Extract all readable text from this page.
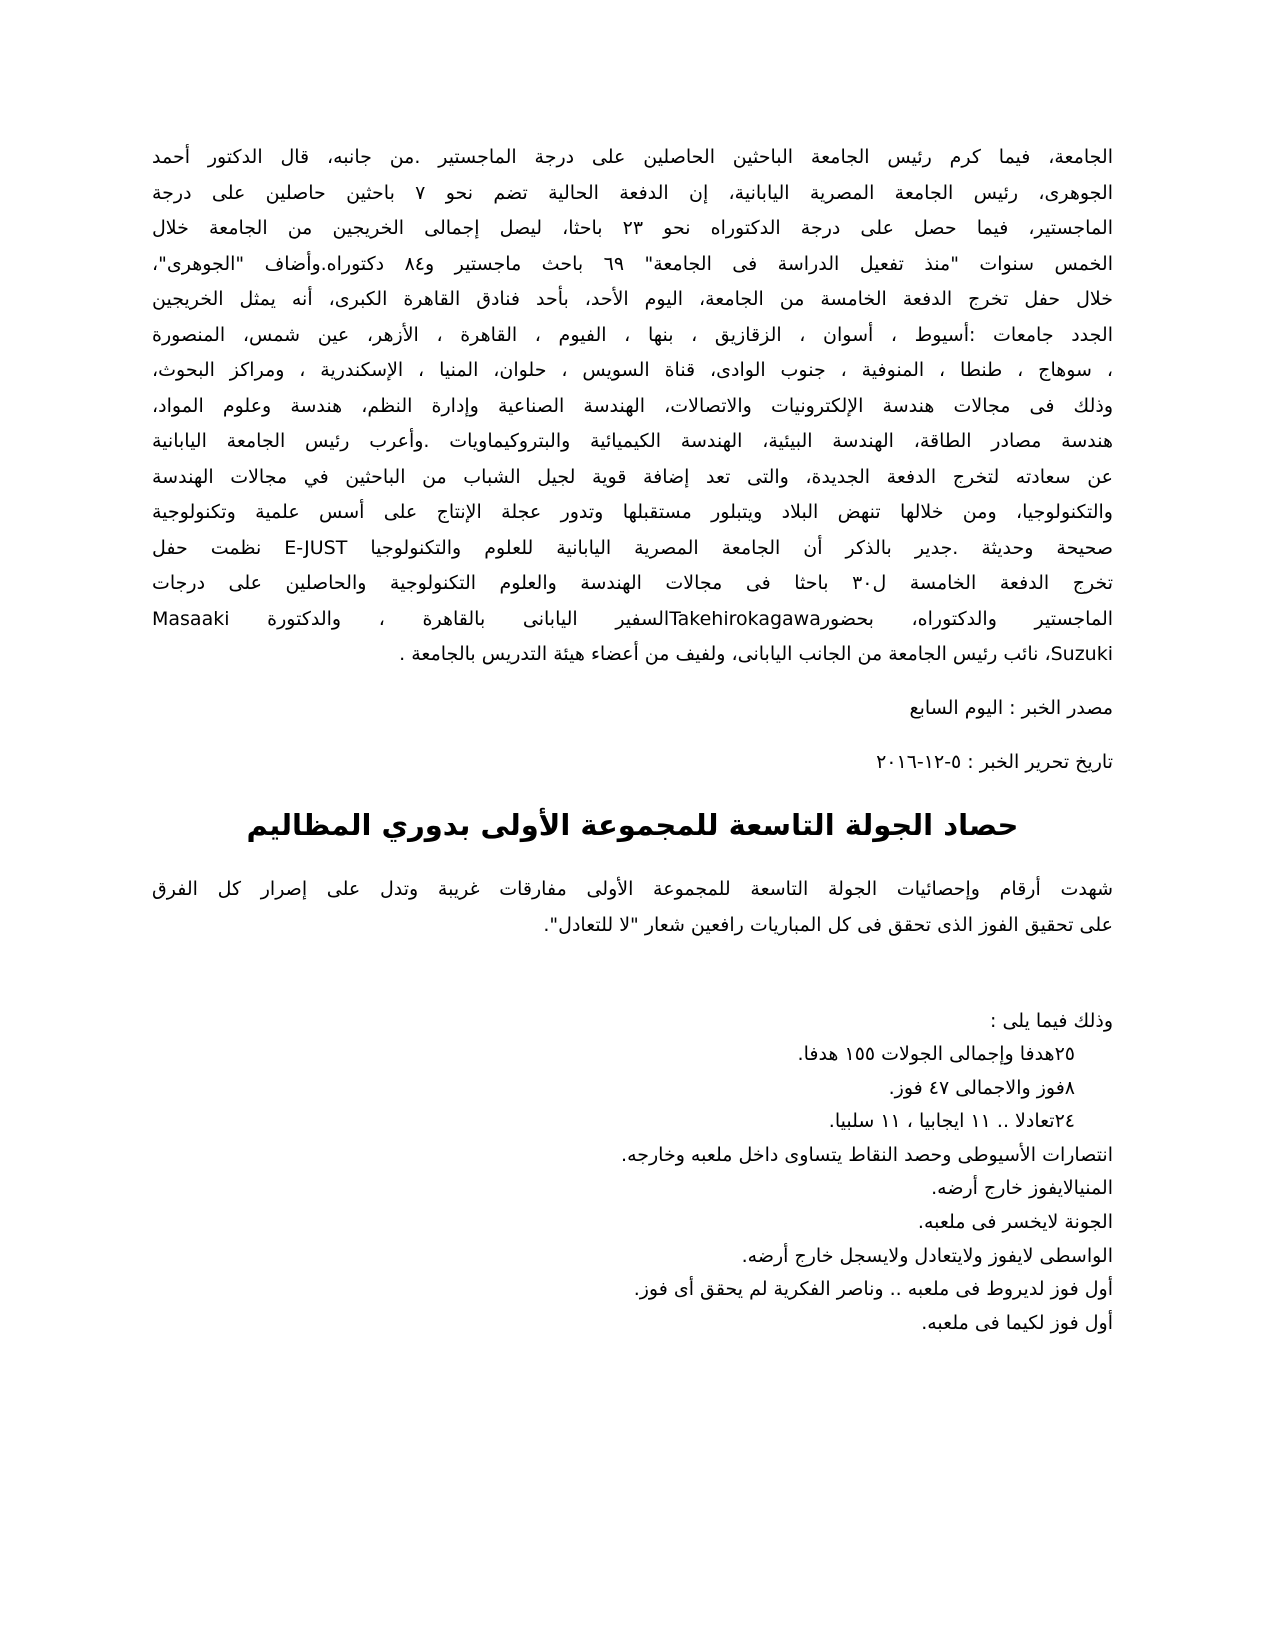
الجامعة، فيما كرم رئيس الجامعة الباحثين الحاصلين على درجة الماجستير .من جانبه، قال الدكتور أحمد
الجوهرى، رئيس الجامعة المصرية اليابانية، إن الدفعة الحالية تضم نحو ٧ باحثين حاصلين على درجة
الماجستير، فيما حصل على درجة الدكتوراه نحو ٢٣ باحثا، ليصل إجمالى الخريجين من الجامعة خلال
الخمس سنوات "منذ تفعيل الدراسة فى الجامعة" ٦٩ باحث ماجستير و٨٤ دكتوراه.وأضاف "الجوهرى"،
خلال حفل تخرج الدفعة الخامسة من الجامعة، اليوم الأحد، بأحد فنادق القاهرة الكبرى، أنه يمثل الخريجين
الجدد جامعات :أسيوط ، أسوان ، الزقازيق ، بنها ، الفيوم ، القاهرة ، الأزهر، عين شمس، المنصورة
، سوهاج ، طنطا ، المنوفية ، جنوب الوادى، قناة السويس ، حلوان، المنيا ، الإسكندرية ، ومراكز البحوث،
وذلك فى مجالات هندسة الإلكترونيات والاتصالات، الهندسة الصناعية وإدارة النظم، هندسة وعلوم المواد،
هندسة مصادر الطاقة، الهندسة البيئية، الهندسة الكيميائية والبتروكيماويات .وأعرب رئيس الجامعة اليابانية
عن سعادته لتخرج الدفعة الجديدة، والتى تعد إضافة قوية لجيل الشباب من الباحثين في مجالات الهندسة
والتكنولوجيا، ومن خلالها تنهض البلاد ويتبلور مستقبلها وتدور عجلة الإنتاج على أسس علمية وتكنولوجية
صحيحة وحديثة .جدير بالذكر أن الجامعة المصرية اليابانية للعلوم والتكنولوجيا E-JUST نظمت حفل
تخرج الدفعة الخامسة ل٣٠ باحثا فى مجالات الهندسة والعلوم التكنولوجية والحاصلين على درجات
الماجستير والدكتوراه، بحضورTakehirokagawaالسفير اليابانى بالقاهرة ، والدكتورة Masaaki
Suzuki، نائب رئيس الجامعة من الجانب اليابانى، ولفيف من أعضاء هيئة التدريس بالجامعة .
مصدر الخبر : اليوم السابع
تاريخ تحرير الخبر : ٥-١٢-٢٠١٦
حصاد الجولة التاسعة للمجموعة الأولى بدوري المظاليم
شهدت أرقام وإحصائيات الجولة التاسعة للمجموعة الأولى مفارقات غريبة وتدل على إصرار كل الفرق
على تحقيق الفوز الذى تحقق فى كل المباريات رافعين شعار "لا للتعادل".
وذلك فيما يلى :
٢٥هدفا وإجمالى الجولات ١٥٥ هدفا.
٨فوز والاجمالى ٤٧ فوز.
٢٤تعادلا .. ١١ ايجابيا ، ١١ سلبيا.
انتصارات الأسيوطى وحصد النقاط يتساوى داخل ملعبه وخارجه.
المنيالايفوز خارج أرضه.
الجونة لايخسر فى ملعبه.
الواسطى لايفوز ولايتعادل ولايسجل خارج أرضه.
أول فوز لديروط فى ملعبه .. وناصر الفكرية لم يحقق أى فوز.
أول فوز لكيما فى ملعبه.
